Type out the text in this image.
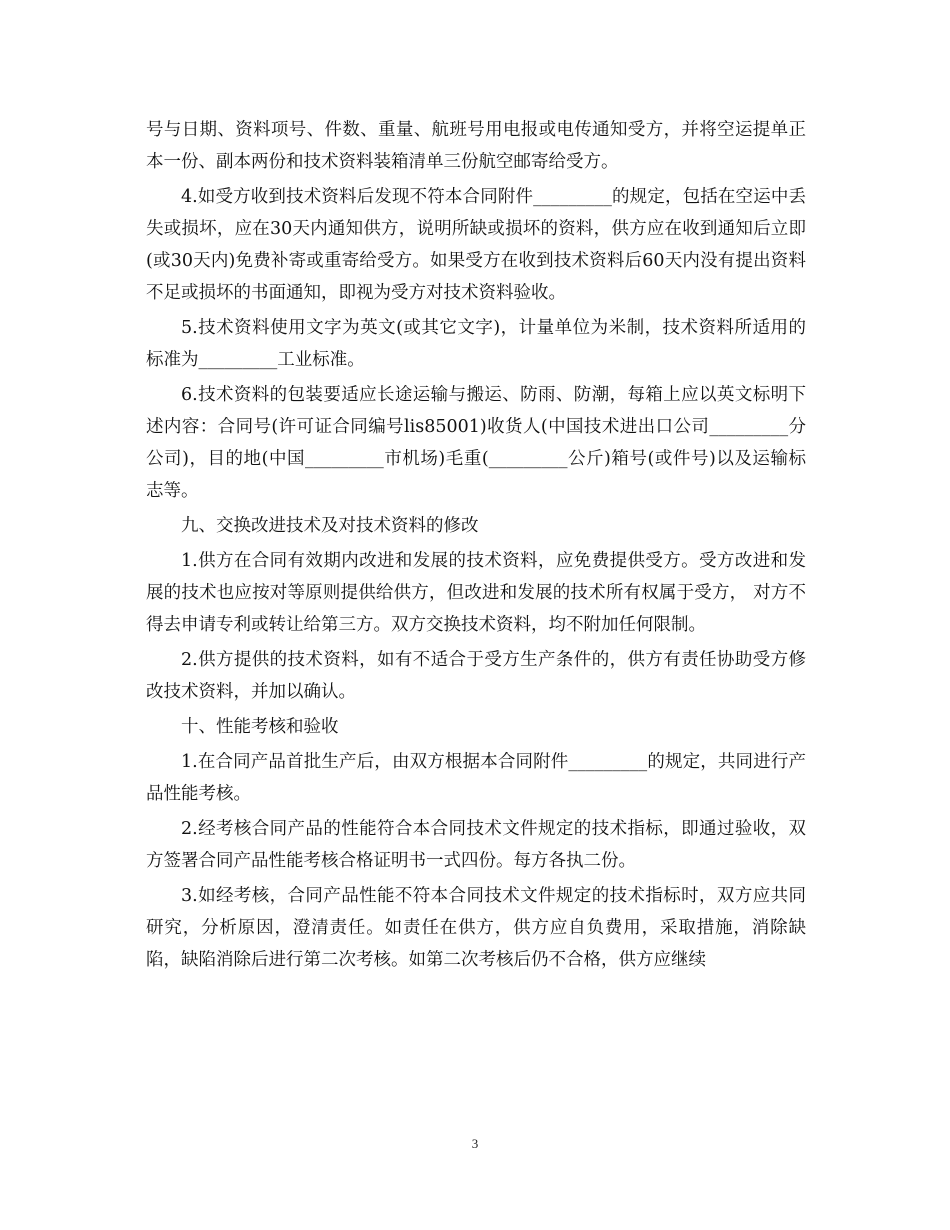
号与日期、资料项号、件数、重量、航班号用电报或电传通知受方，并将空运提单正本一份、副本两份和技术资料装箱清单三份航空邮寄给受方。

4.如受方收到技术资料后发现不符本合同附件_________的规定，包括在空运中丢失或损坏，应在30天内通知供方，说明所缺或损坏的资料，供方应在收到通知后立即(或30天内)免费补寄或重寄给受方。如果受方在收到技术资料后60天内没有提出资料不足或损坏的书面通知，即视为受方对技术资料验收。

5.技术资料使用文字为英文(或其它文字)，计量单位为米制，技术资料所适用的标准为_________工业标准。

6.技术资料的包装要适应长途运输与搬运、防雨、防潮，每箱上应以英文标明下述内容：合同号(许可证合同编号lis85001)收货人(中国技术进出口公司_________分公司)，目的地(中国_________市机场)毛重(_________公斤)箱号(或件号)以及运输标志等。

九、交换改进技术及对技术资料的修改

1.供方在合同有效期内改进和发展的技术资料，应免费提供受方。受方改进和发展的技术也应按对等原则提供给供方，但改进和发展的技术所有权属于受方， 对方不得去申请专利或转让给第三方。双方交换技术资料，均不附加任何限制。

2.供方提供的技术资料，如有不适合于受方生产条件的，供方有责任协助受方修改技术资料，并加以确认。

十、性能考核和验收

1.在合同产品首批生产后，由双方根据本合同附件_________的规定，共同进行产品性能考核。

2.经考核合同产品的性能符合本合同技术文件规定的技术指标，即通过验收，双方签署合同产品性能考核合格证明书一式四份。每方各执二份。

3.如经考核，合同产品性能不符本合同技术文件规定的技术指标时，双方应共同研究，分析原因，澄清责任。如责任在供方，供方应自负费用，采取措施，消除缺陷，缺陷消除后进行第二次考核。如第二次考核后仍不合格，供方应继续

3
